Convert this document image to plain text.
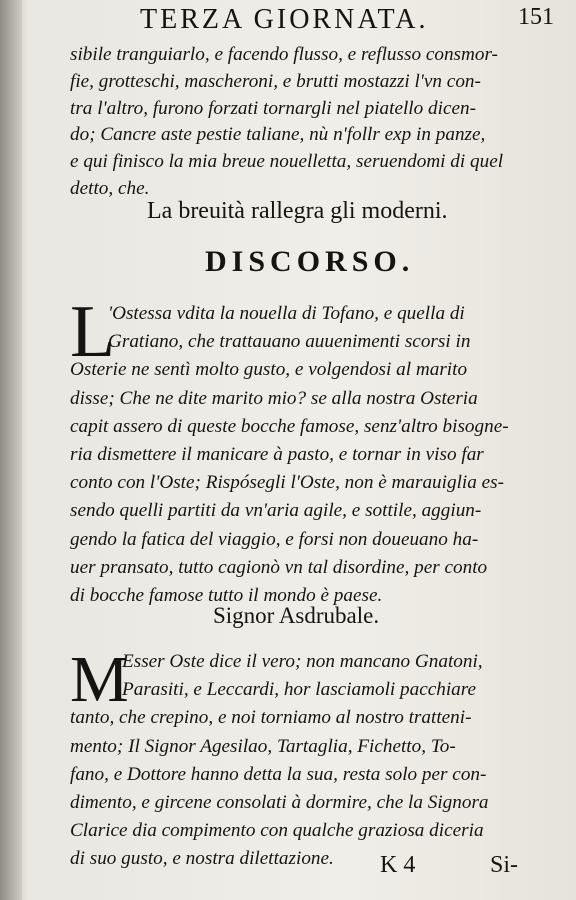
TERZA GIORNATA.	151
sibile tranguiarlo, e facendo flusso, e reflusso consmor-
fie, grotteschi, mascheroni, e brutti mostazzi l'vn con-
tra l'altro, furono forzati tornargli nel piatello dicen-
do; Cancre aste pestie taliane, nù n'follr exp in panze,
e qui finisco la mia breue nouelletta, seruendomi di quel
detto, che.
La breuità rallegra gli moderni.
DISCORSO.
L
'Ostessa vdita la nouella di Tofano, e quella di
Gratiano, che trattauano auuenimenti scorsi in
Osterie ne sentì molto gusto, e volgendosi al marito
disse; Che ne dite marito mio? se alla nostra Osteria
capit assero di queste bocche famose, senz'altro bisogne-
ria dismettere il manicare à pasto, e tornar in viso far
conto con l'Oste; Rispósegli l'Oste, non è marauiglia es-
sendo quelli partiti da vn'aria agile, e sottile, aggiun-
gendo la fatica del viaggio, e forsi non doueuano ha-
uer pransato, tutto cagionò vn tal disordine, per conto
di bocche famose tutto il mondo è paese.
Signor Asdrubale.
M
Esser Oste dice il vero; non mancano Gnatoni,
Parasiti, e Leccardi, hor lasciamoli pacchiare
tanto, che crepino, e noi torniamo al nostro tratteni-
mento; Il Signor Agesilao, Tartaglia, Fichetto, To-
fano, e Dottore hanno detta la sua, resta solo per con-
dimento, e gircene consolati à dormire, che la Signora
Clarice dia compimento con qualche graziosa diceria
di suo gusto, e nostra dilettazione.	K 4	Si-
